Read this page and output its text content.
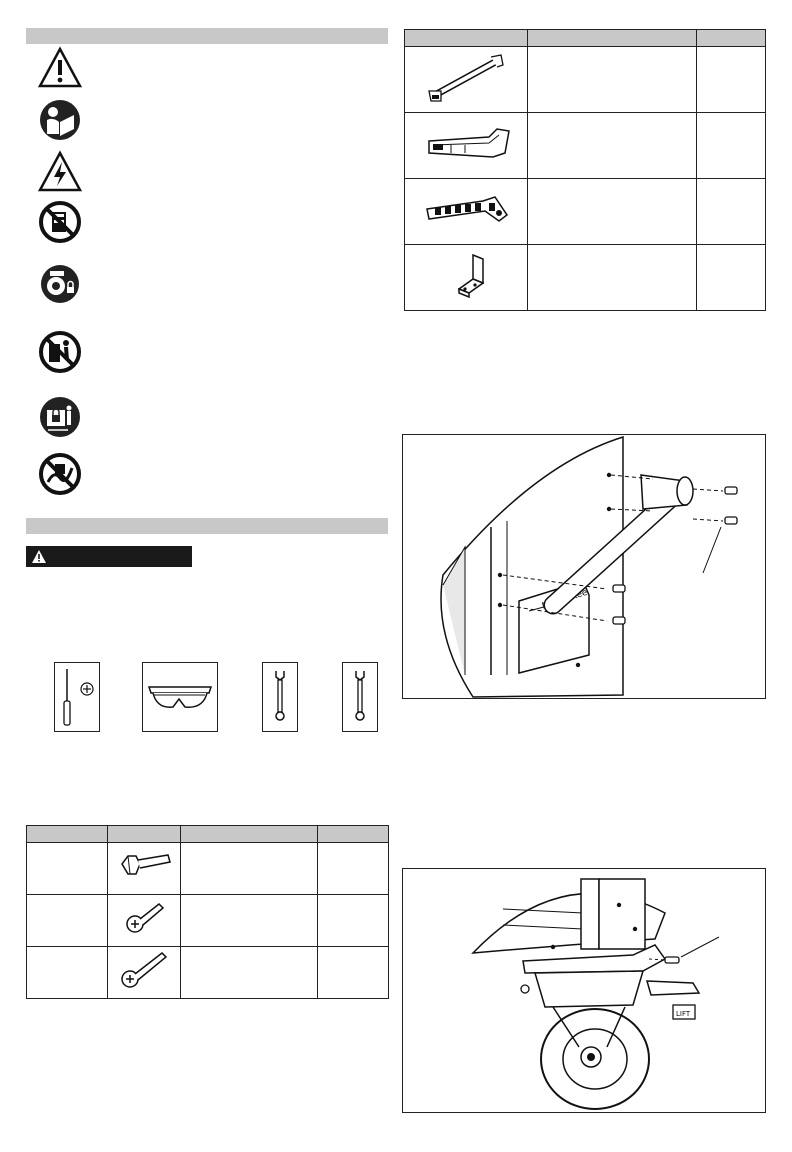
LIFT
